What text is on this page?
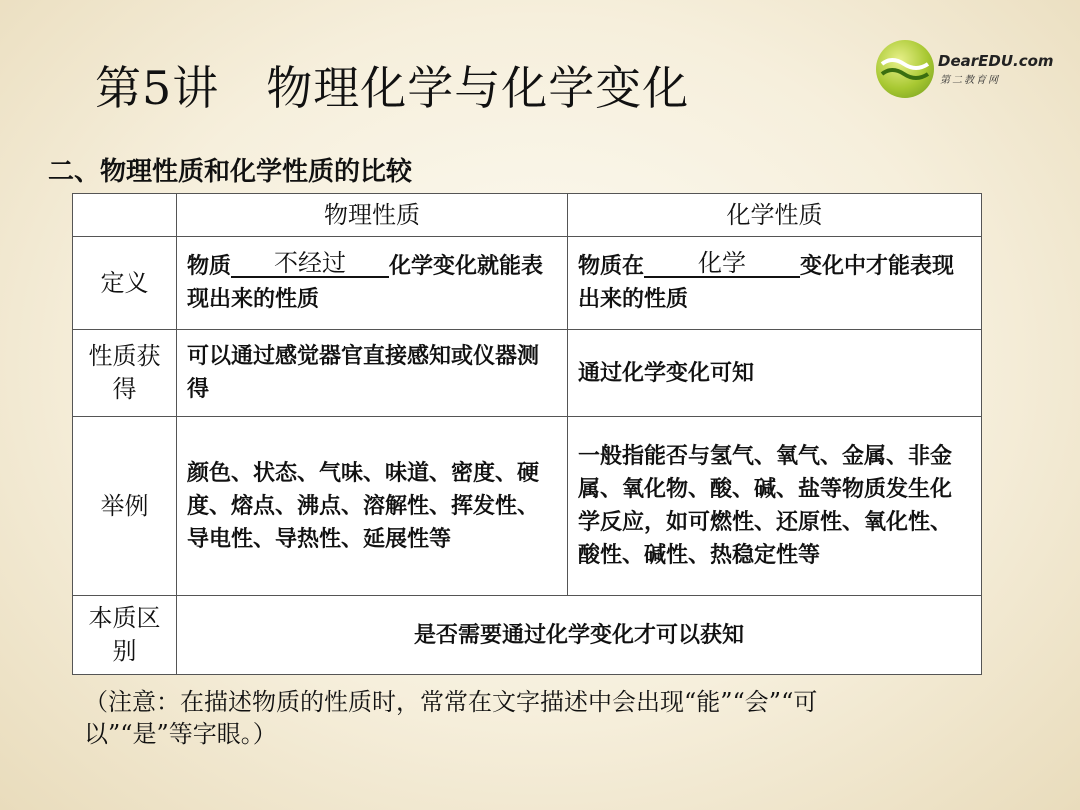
第5讲　物理化学与化学变化	DearEDU.com
第二教育网
二、物理性质和化学性质的比较
	物理性质	化学性质
定义	物质 不经过 化学变化就能表现出来的性质	物质在 化学 变化中才能表现出来的性质
性质获得	可以通过感觉器官直接感知或仪器测得	通过化学变化可知
举例	颜色、状态、气味、味道、密度、硬度、熔点、沸点、溶解性、挥发性、导电性、导热性、延展性等	一般指能否与氢气、氧气、金属、非金属、氧化物、酸、碱、盐等物质发生化学反应，如可燃性、还原性、氧化性、酸性、碱性、热稳定性等
本质区别	是否需要通过化学变化才可以获知	
（注意：在描述物质的性质时，常常在文字描述中会出现“能”“会”“可以”“是”等字眼。）
